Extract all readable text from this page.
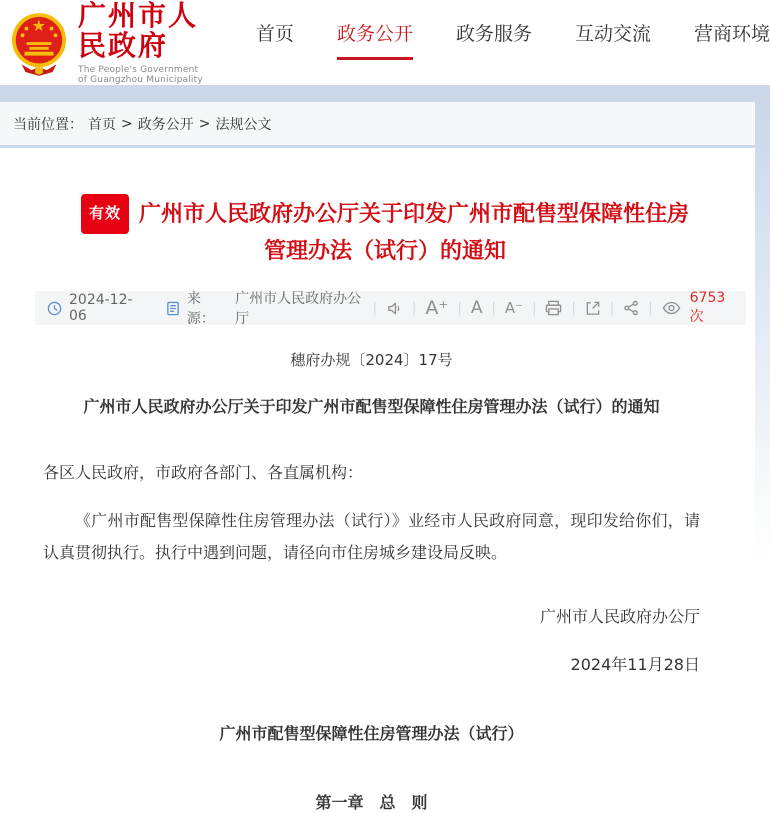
广州市人民政府
The People's Government of Guangzhou Municipality
首页 政务公开 政务服务 互动交流 营商环境
当前位置： 首页 > 政务公开 > 法规公文
有效 广州市人民政府办公厅关于印发广州市配售型保障性住房管理办法（试行）的通知
2024-12-06
来源：
广州市人民政府办公厅
|	| A⁺ | A | A⁻ |	|	|	|
6753次

穗府办规〔2024〕17号

广州市人民政府办公厅关于印发广州市配售型保障性住房管理办法（试行）的通知

各区人民政府，市政府各部门、各直属机构：

《广州市配售型保障性住房管理办法（试行）》业经市人民政府同意，现印发给你们，请认真贯彻执行。执行中遇到问题，请径向市住房城乡建设局反映。

广州市人民政府办公厅

2024年11月28日

广州市配售型保障性住房管理办法（试行）

第一章　总　则
